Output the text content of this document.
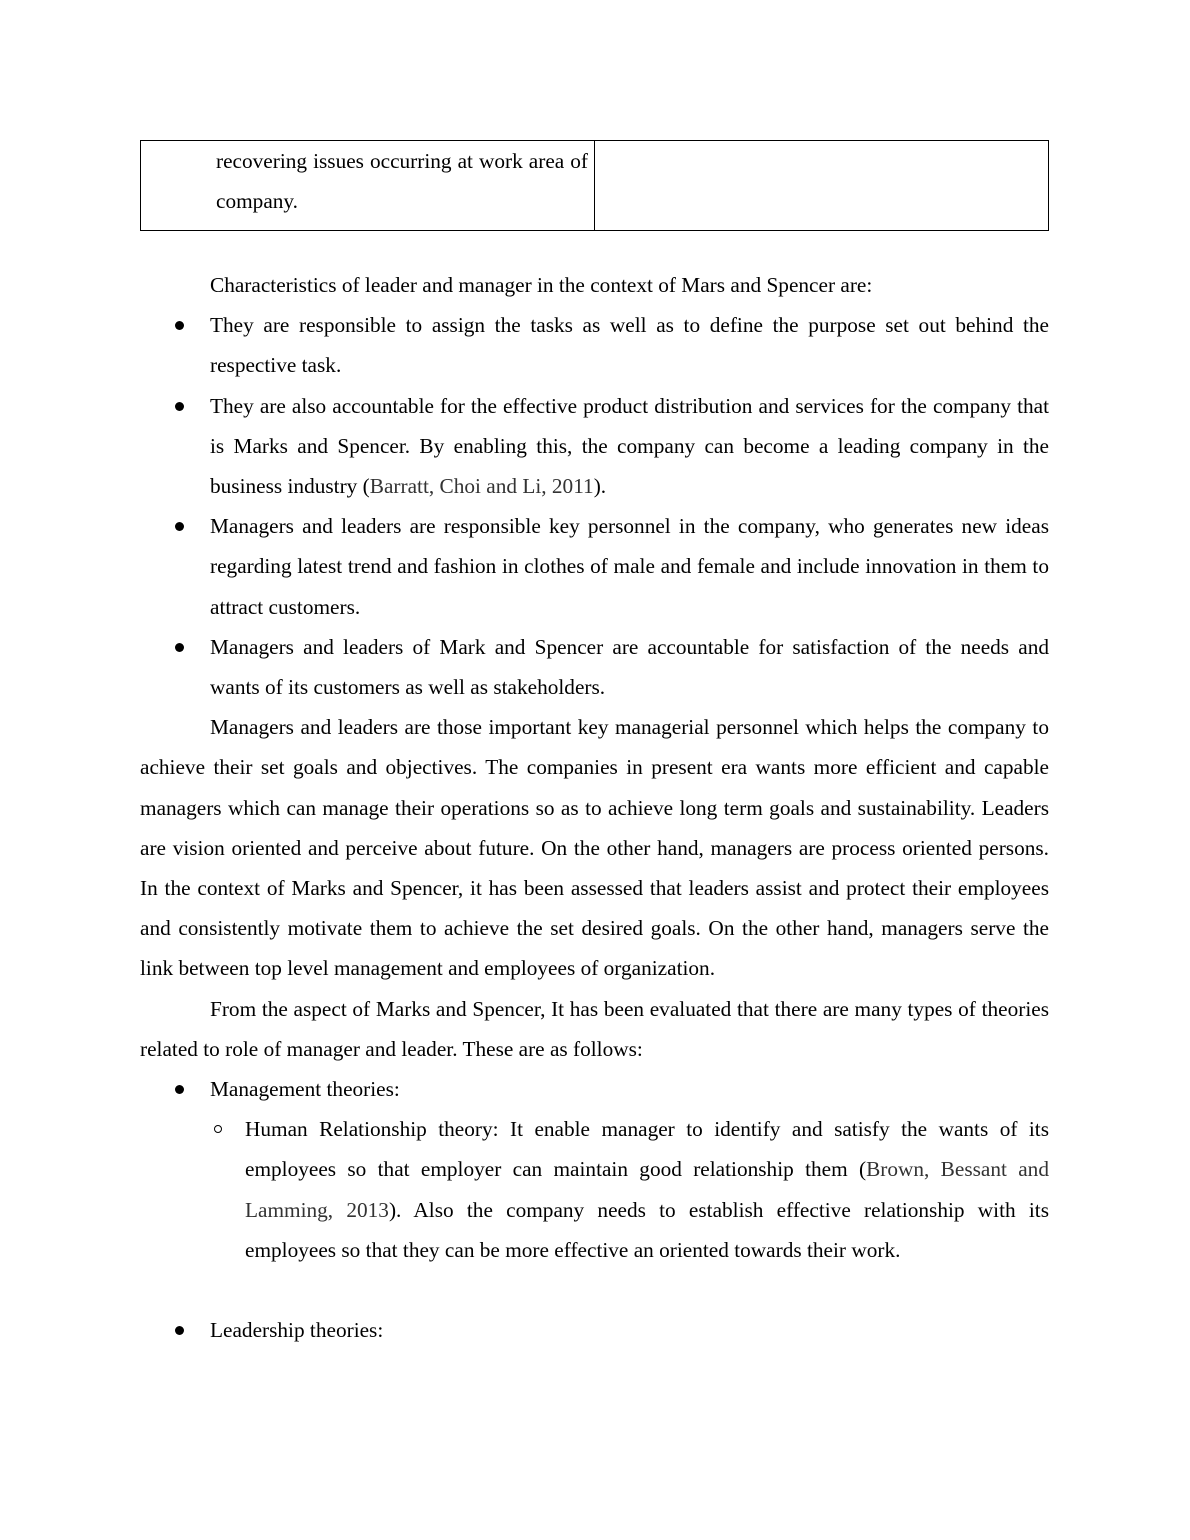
recovering issues occurring at work area of company.

Characteristics of leader and manager in the context of Mars and Spencer are:
They are responsible to assign the tasks as well as to define the purpose set out behind the respective task.
They are also accountable for the effective product distribution and services for the company that is Marks and Spencer. By enabling this, the company can become a leading company in the business industry (Barratt, Choi and Li, 2011).
Managers and leaders are responsible key personnel in the company, who generates new ideas regarding latest trend and fashion in clothes of male and female and include innovation in them to attract customers.
Managers and leaders of Mark and Spencer are accountable for satisfaction of the needs and wants of its customers as well as stakeholders.

Managers and leaders are those important key managerial personnel which helps the company to achieve their set goals and objectives. The companies in present era wants more efficient and capable managers which can manage their operations so as to achieve long term goals and sustainability. Leaders are vision oriented and perceive about future. On the other hand, managers are process oriented persons. In the context of Marks and Spencer, it has been assessed that leaders assist and protect their employees and consistently motivate them to achieve the set desired goals. On the other hand, managers serve the link between top level management and employees of organization.

From the aspect of Marks and Spencer, It has been evaluated that there are many types of theories related to role of manager and leader. These are as follows:

Management theories:
Human Relationship theory: It enable manager to identify and satisfy the wants of its employees so that employer can maintain good relationship them (Brown, Bessant and Lamming, 2013). Also the company needs to establish effective relationship with its employees so that they can be more effective an oriented towards their work.
Leadership theories:
